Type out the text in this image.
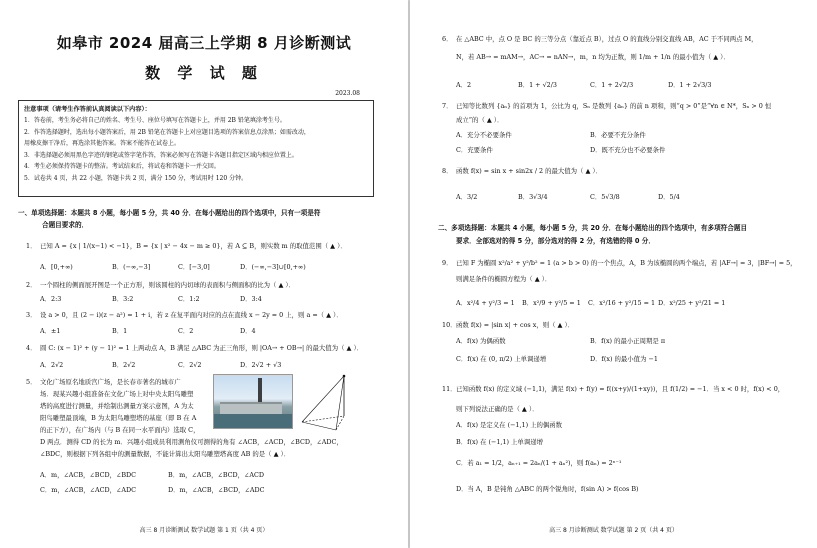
如皋市 2024 届高三上学期 8 月诊断测试
数 学 试 题
2023.08
注意事项（请考生作答前认真阅读以下内容）：
1．答卷前，考生务必将自己的姓名、考生号、座位号填写在答题卡上，并用 2B 铅笔填涂考生号。
2．作答选择题时，选出每小题答案后，用 2B 铅笔在答题卡上对应题目选项的答案信息点涂黑；如需改动，
用橡皮擦干净后，再选涂其他答案。答案不能答在试卷上。
3．非选择题必须用黑色字迹的钢笔或签字笔作答，答案必须写在答题卡各题目指定区域内相应位置上。
4．考生必须保持答题卡的整洁。考试结束后，将试卷和答题卡一并交回。
5．试卷共 4 页，共 22 小题，答题卡共 2 页，满分 150 分，考试用时 120 分钟。
一、单项选择题：本题共 8 小题，每小题 5 分，共 40 分．在每小题给出的四个选项中，只有一项是符
合题目要求的．
1． 已知 A = {x | 1/(x−1) < −1}，B = {x | x² − 4x − m ≥ 0}，若 A ⊆ B，则实数 m 的取值范围（ ▲ ）．
A．[0,+∞)	B．(−∞,−3]	C．[−3,0]	D．(−∞,−3]∪[0,+∞)
2． 一个圆柱的侧面展开图是一个正方形，则该圆柱的内切球的表面积与侧面积的比为（ ▲ ）．
A．2:3	B．3:2	C．1:2	D．3:4
3． 设 a > 0，且 (2 − i)(z − a²) = 1 + i，若 z 在复平面内对应的点在直线 x − 2y = 0 上，则 a =（ ▲ ）．
A．±1	B．1	C．2	D．4
4． 圆 C: (x − 1)² + (y − 1)² = 1 上两动点 A，B 满足 △ABC 为正三角形，则 |OA→ + OB→| 的最大值为（ ▲ ）．
A．2√2	B．2√2	C．2√2	D．2√2 + √3
5． 文化广场原名地质宫广场，是长春市著名的城市广
场．现某兴趣小组准备在文化广场上对中央太阳鸟雕塑
塔的高度进行测量，并绘制出测量方案示意图，A 为太
阳鸟雕塑最顶端，B 为太阳鸟雕塑塔的基座（即 B 在 A
的正下方），在广场内（与 B 在同一水平面内）选取 C，
D 两点．测得 CD 的长为 m．兴趣小组成员利用测角仪可测得的角有 ∠ACB，∠ACD，∠BCD，∠ADC，
∠BDC，则根据下列各组中的测量数据，不能计算出太阳鸟雕塑塔高度 AB 的是（ ▲ ）．
A．m，∠ACB，∠BCD，∠BDC	B．m，∠ACB，∠BCD，∠ACD
C．m，∠ACB，∠ACD，∠ADC	D．m，∠ACB，∠BCD，∠ADC
高三 8 月诊断测试 数学试题 第 1 页（共 4 页）
6． 在 △ABC 中，点 O 是 BC 的三等分点（靠近点 B），过点 O 的直线分别交直线 AB，AC 于不同两点 M，
N，若 AB→ = mAM→，AC→ = nAN→，m，n 均为正数，则 1/m + 1/n 的最小值为（ ▲ ）．
A．2	B．1 + √2/3	C．1 + 2√2/3	D．1 + 2√3/3
7． 已知等比数列 {aₙ} 的首项为 1，公比为 q，Sₙ 是数列 {aₙ} 的前 n 项和，则“q > 0”是“∀n ∈ N*，Sₙ > 0 恒
成立”的（ ▲ ）．
A．充分不必要条件	B．必要不充分条件
C．充要条件	D．既不充分也不必要条件
8． 函数 f(x) = sin x + sin2x / 2 的最大值为（ ▲ ）．
A．3/2	B．3√3/4	C．5√3/8	D．5/4
二、多项选择题：本题共 4 小题，每小题 5 分，共 20 分．在每小题给出的四个选项中，有多项符合题目
要求．全部选对的得 5 分，部分选对的得 2 分，有选错的得 0 分．
9． 已知 F 为椭圆 x²/a² + y²/b² = 1 (a > b > 0) 的一个焦点，A，B 为该椭圆的两个端点，若 |AF→| = 3，|BF→| = 5，
则满足条件的椭圆方程为（ ▲ ）．
A．x²/4 + y²/3 = 1 B．x²/9 + y²/5 = 1 C．x²/16 + y²/15 = 1 D．x²/25 + y²/21 = 1
10．函数 f(x) = |sin x| + cos x，则（ ▲ ）．
A．f(x) 为偶函数	B．f(x) 的最小正周期是 π
C．f(x) 在 (0, π/2) 上单调递增	D．f(x) 的最小值为 −1
11．已知函数 f(x) 的定义域 (−1,1)，满足 f(x) + f(y) = f((x+y)/(1+xy))，且 f(1/2) = −1．当 x < 0 时，f(x) < 0，
则下列说法正确的是（ ▲ ）．
A．f(x) 是定义在 (−1,1) 上的偶函数
B．f(x) 在 (−1,1) 上单调递增
C．若 a₁ = 1/2，aₙ₊₁ = 2aₙ/(1 + aₙ²)，则 f(aₙ) = 2ⁿ⁻¹
D．当 A，B 是钝角 △ABC 的两个锐角时，f(sin A) > f(cos B)
高三 8 月诊断测试 数学试题 第 2 页（共 4 页）
